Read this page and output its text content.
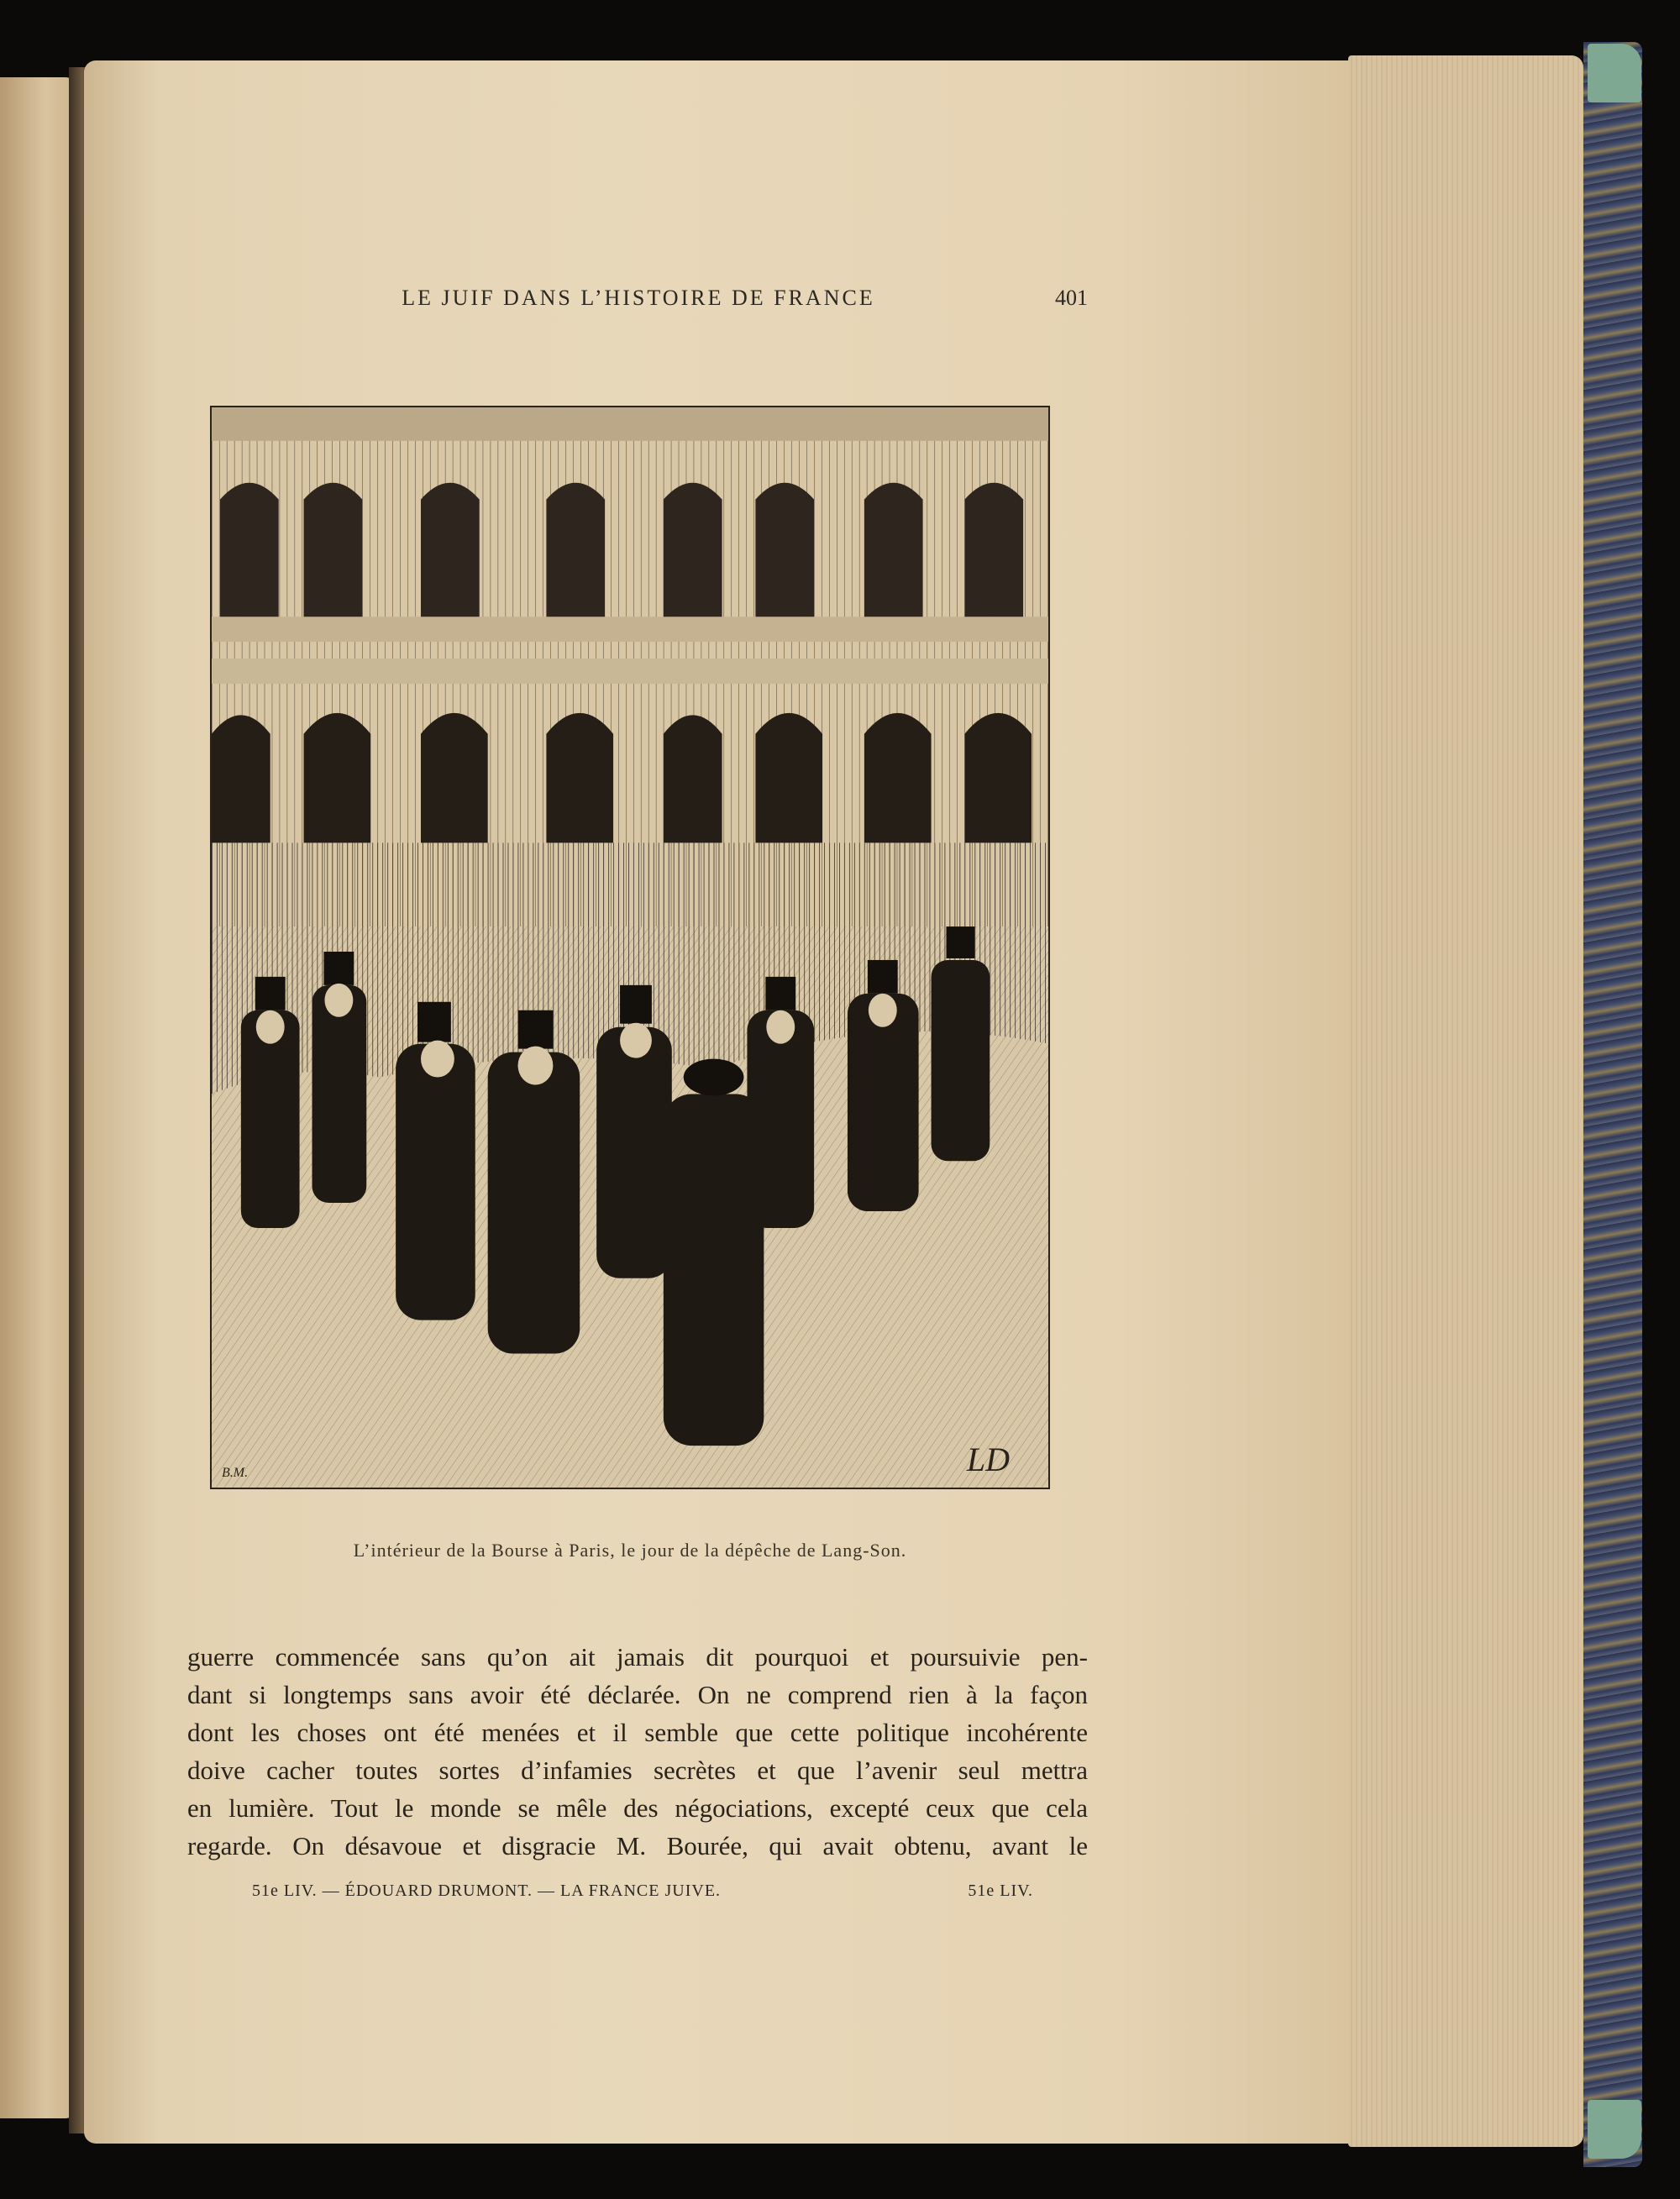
LE JUIF DANS L’HISTOIRE DE FRANCE	401
B.M.	LD
L’intérieur de la Bourse à Paris, le jour de la dépêche de Lang-Son.
guerre commencée sans qu’on ait jamais dit pourquoi et poursuivie pen-
dant si longtemps sans avoir été déclarée. On ne comprend rien à la façon
dont les choses ont été menées et il semble que cette politique incohérente
doive cacher toutes sortes d’infamies secrètes et que l’avenir seul mettra
en lumière. Tout le monde se mêle des négociations, excepté ceux que cela
regarde. On désavoue et disgracie M. Bourée, qui avait obtenu, avant le
51e LIV. — ÉDOUARD DRUMONT. — LA FRANCE JUIVE.	51e LIV.
